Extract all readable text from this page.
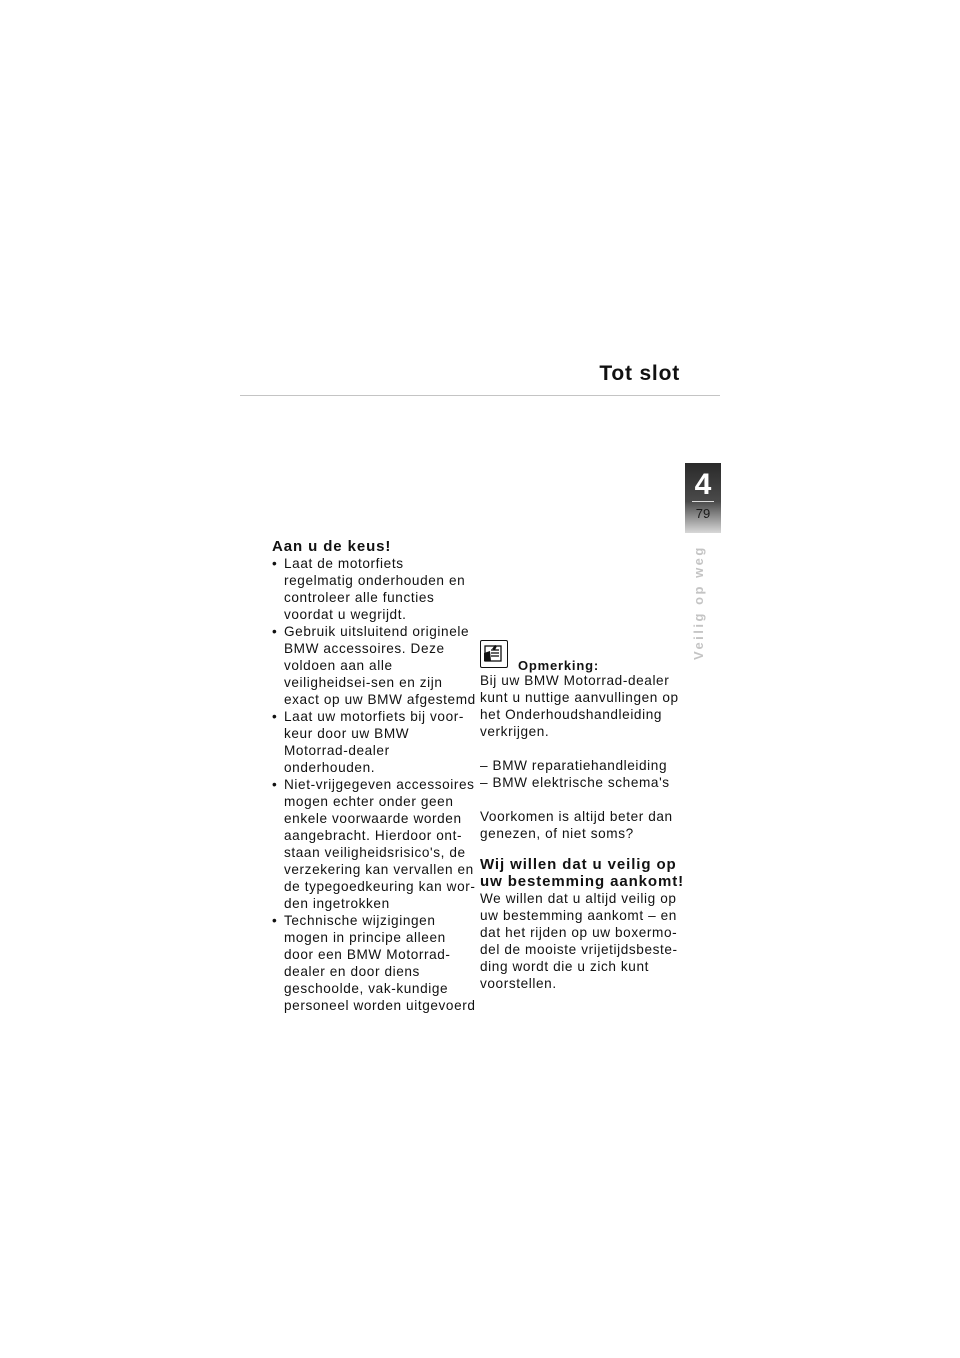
Tot slot
4
79
Veilig op weg
Aan u de keus!
• Laat de motorfiets regelmatig onderhouden en controleer alle functies voordat u wegrijdt.
• Gebruik uitsluitend originele BMW accessoires. Deze voldoen aan alle veiligheidsei-sen en zijn exact op uw BMW afgestemd
• Laat uw motorfiets bij voor-keur door uw BMW Motorrad-dealer onderhouden.
• Niet-vrijgegeven accessoires mogen echter onder geen enkele voorwaarde worden aangebracht. Hierdoor ont-staan veiligheidsrisico's, de verzekering kan vervallen en de typegoedkeuring kan wor-den ingetrokken
• Technische wijzigingen mogen in principe alleen door een BMW Motorrad-dealer en door diens geschoolde, vak-kundige personeel worden uitgevoerd
Opmerking:

Bij uw BMW Motorrad-dealer kunt u nuttige aanvullingen op het Onderhoudshandleiding verkrijgen.

– BMW reparatiehandleiding

– BMW elektrische schema's

Voorkomen is altijd beter dan genezen, of niet soms?

Wij willen dat u veilig op uw bestemming aankomt!

We willen dat u altijd veilig op uw bestemming aankomt – en dat het rijden op uw boxermo-del de mooiste vrijetijdsbeste-ding wordt die u zich kunt voorstellen.
